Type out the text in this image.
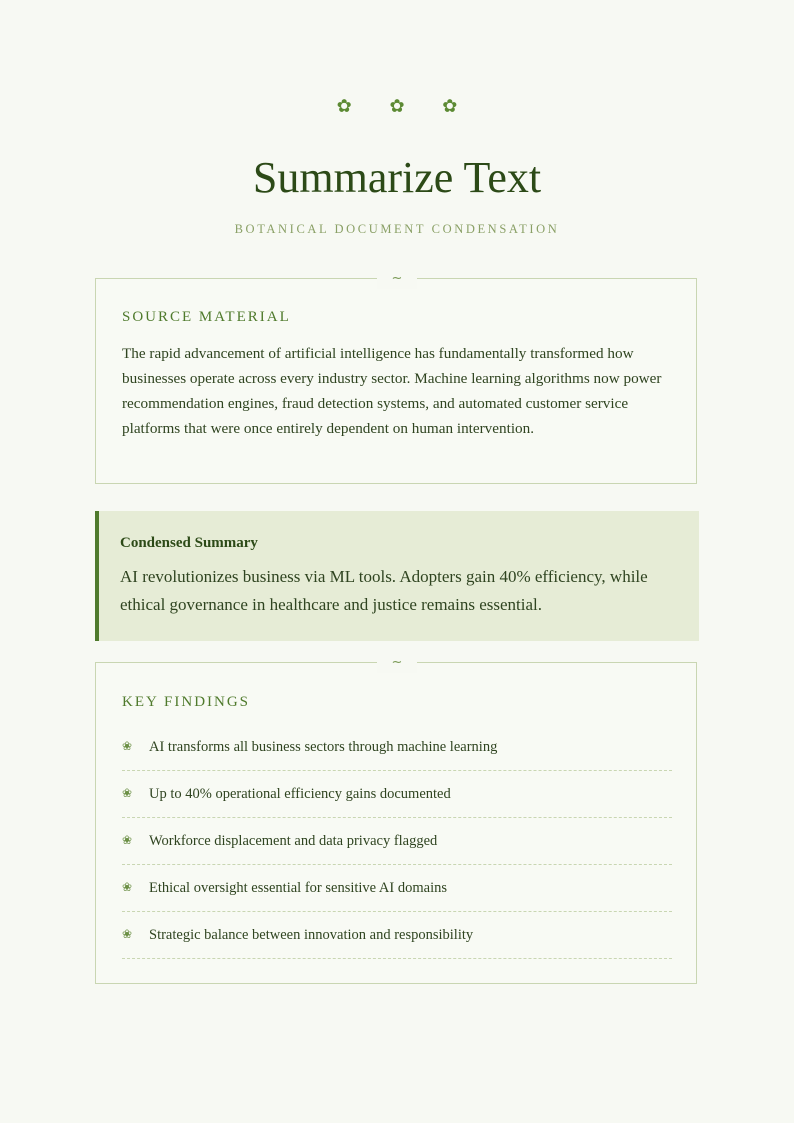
✿ ✿ ✿
Summarize Text
BOTANICAL DOCUMENT CONDENSATION
~
SOURCE MATERIAL
The rapid advancement of artificial intelligence has fundamentally transformed how businesses operate across every industry sector. Machine learning algorithms now power recommendation engines, fraud detection systems, and automated customer service platforms that were once entirely dependent on human intervention.
Condensed Summary
AI revolutionizes business via ML tools. Adopters gain 40% efficiency, while ethical governance in healthcare and justice remains essential.
~
KEY FINDINGS
❀ AI transforms all business sectors through machine learning
❀ Up to 40% operational efficiency gains documented
❀ Workforce displacement and data privacy flagged
❀ Ethical oversight essential for sensitive AI domains
❀ Strategic balance between innovation and responsibility
